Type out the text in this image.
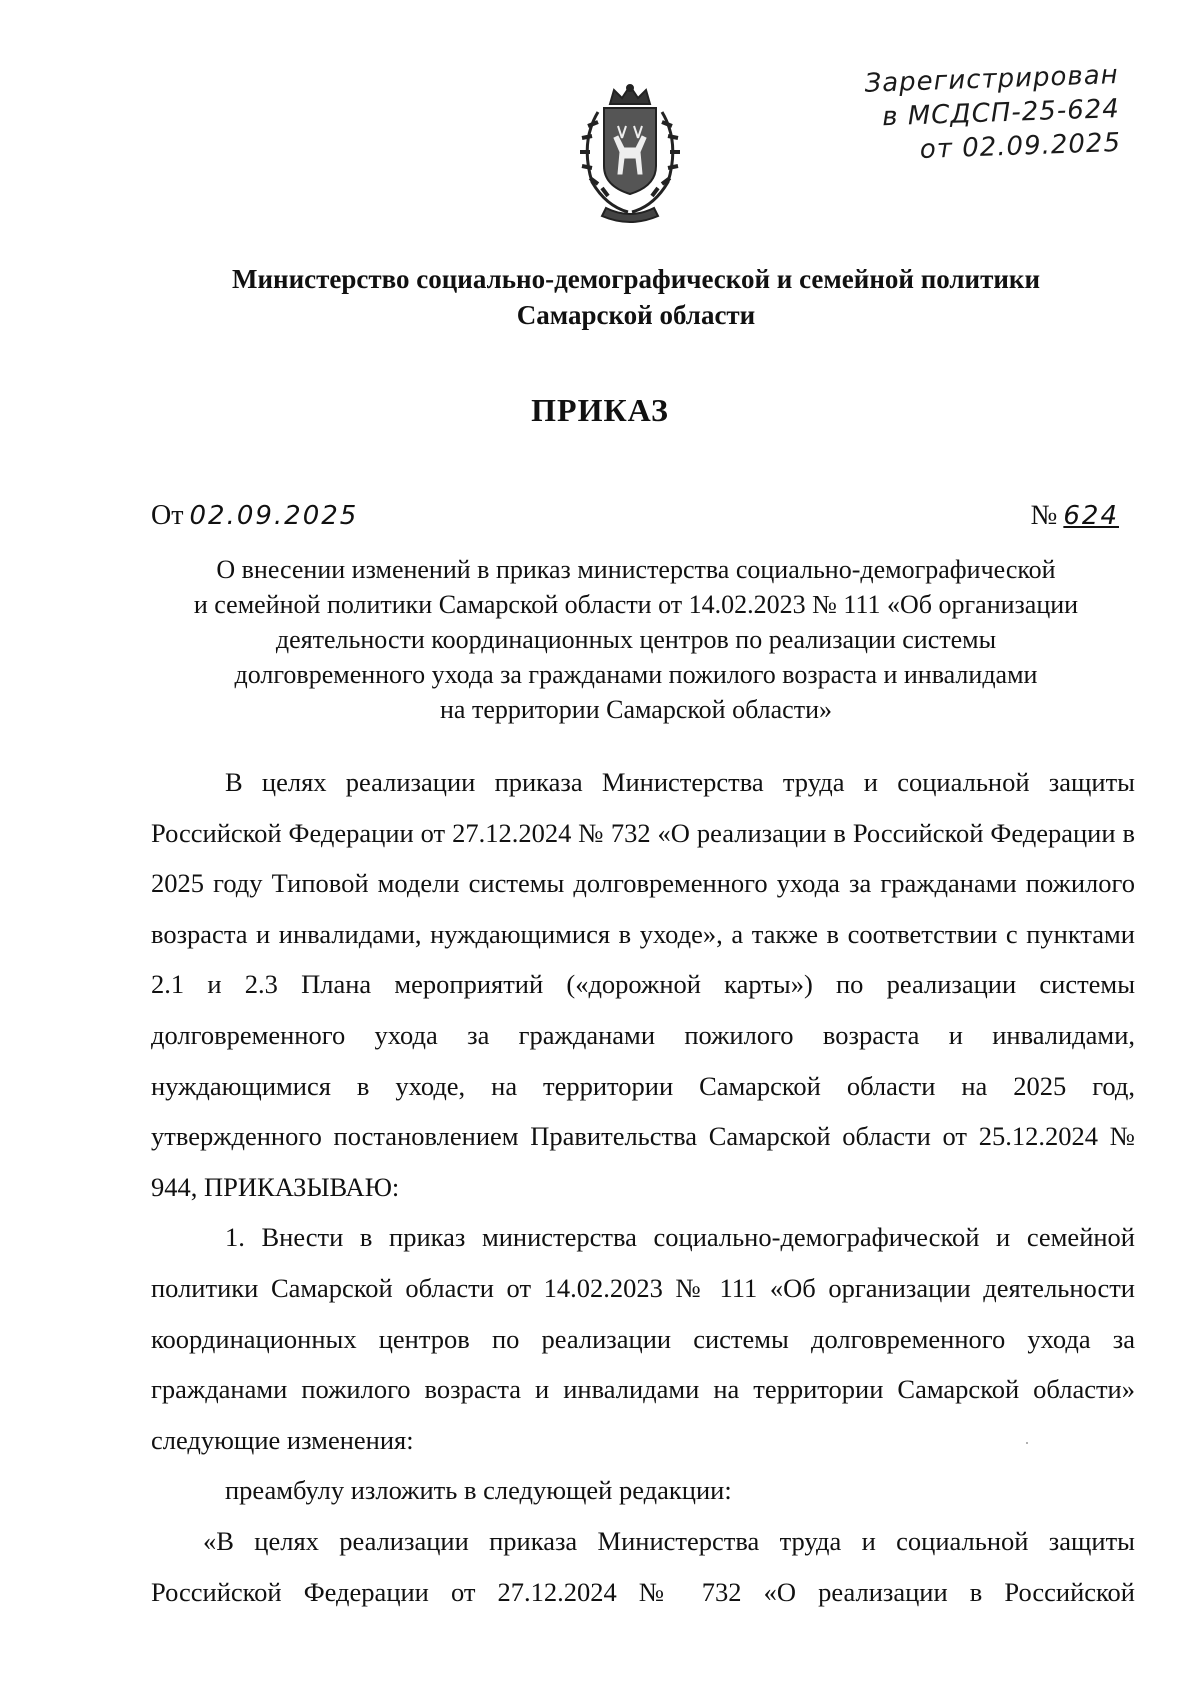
Зарегистрирован
в МСДСП-25-624
от 02.09.2025
Министерство социально-демографической и семейной политики
Самарской области
ПРИКАЗ
От 02.09.2025	№ 624
О внесении изменений в приказ министерства социально-демографической
и семейной политики Самарской области от 14.02.2023 № 111 «Об организации
деятельности координационных центров по реализации системы
долговременного ухода за гражданами пожилого возраста и инвалидами
на территории Самарской области»

В целях реализации приказа Министерства труда и социальной защиты Российской Федерации от 27.12.2024 № 732 «О реализации в Российской Федерации в 2025 году Типовой модели системы долговременного ухода за гражданами пожилого возраста и инвалидами, нуждающимися в уходе», а также в соответствии с пунктами 2.1 и 2.3 Плана мероприятий («дорожной карты») по реализации системы долговременного ухода за гражданами пожилого возраста и инвалидами, нуждающимися в уходе, на территории Самарской области на 2025 год, утвержденного постановлением Правительства Самарской области от 25.12.2024 № 944, ПРИКАЗЫВАЮ:

1. Внести в приказ министерства социально-демографической и семейной политики Самарской области от 14.02.2023 № 111 «Об организации деятельности координационных центров по реализации системы долговременного ухода за гражданами пожилого возраста и инвалидами на территории Самарской области» следующие изменения:

преамбулу изложить в следующей редакции:

«В целях реализации приказа Министерства труда и социальной защиты Российской Федерации от 27.12.2024 № 732 «О реализации в Российской
